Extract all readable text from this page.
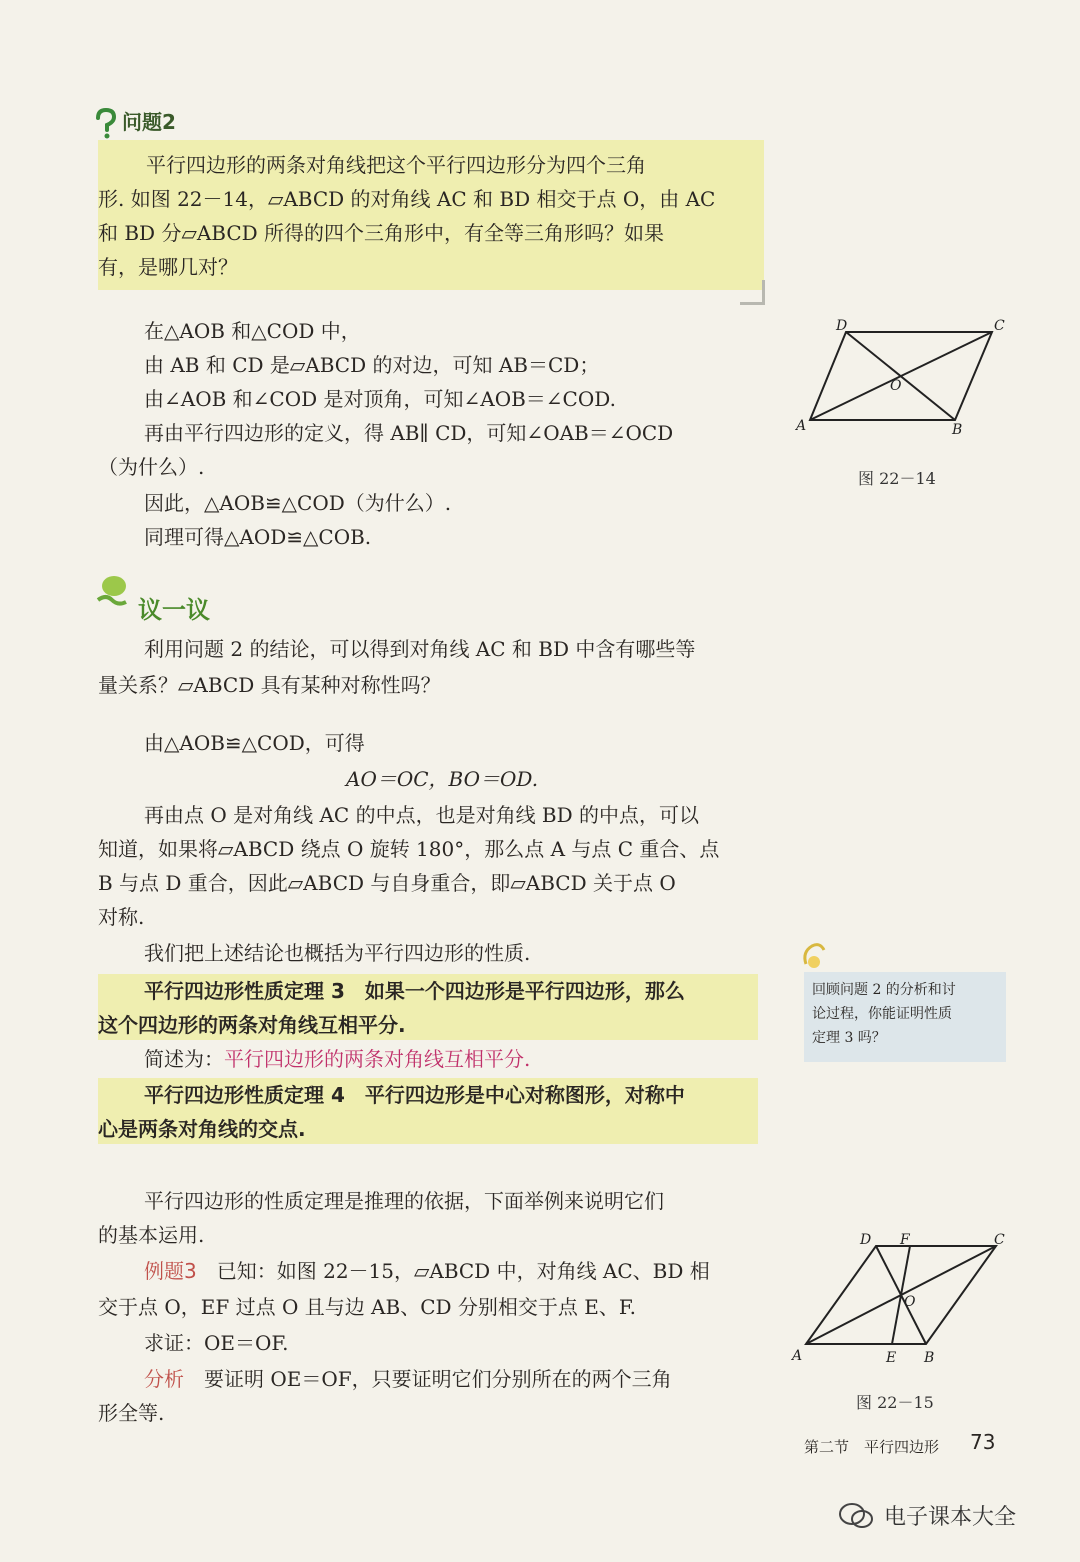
问题2
平行四边形的两条对角线把这个平行四边形分为四个三角
形. 如图 22－14，▱ABCD 的对角线 AC 和 BD 相交于点 O，由 AC
和 BD 分▱ABCD 所得的四个三角形中，有全等三角形吗？如果
有，是哪几对？
在△AOB 和△COD 中，
由 AB 和 CD 是▱ABCD 的对边，可知 AB＝CD；
由∠AOB 和∠COD 是对顶角，可知∠AOB＝∠COD.
再由平行四边形的定义，得 AB∥ CD，可知∠OAB＝∠OCD
（为什么）.
因此，△AOB≌△COD（为什么）.
同理可得△AOD≌△COB.
议一议
利用问题 2 的结论，可以得到对角线 AC 和 BD 中含有哪些等
量关系？▱ABCD 具有某种对称性吗？
由△AOB≌△COD，可得
AO＝OC，BO＝OD.
再由点 O 是对角线 AC 的中点，也是对角线 BD 的中点，可以
知道，如果将▱ABCD 绕点 O 旋转 180°，那么点 A 与点 C 重合、点
B 与点 D 重合，因此▱ABCD 与自身重合，即▱ABCD 关于点 O
对称.
我们把上述结论也概括为平行四边形的性质.
平行四边形性质定理 3　如果一个四边形是平行四边形，那么
这个四边形的两条对角线互相平分.
简述为：平行四边形的两条对角线互相平分.
平行四边形性质定理 4　平行四边形是中心对称图形，对称中
心是两条对角线的交点.
平行四边形的性质定理是推理的依据，下面举例来说明它们
的基本运用.
例题3　 已知：如图 22－15，▱ABCD 中，对角线 AC、BD 相
交于点 O，EF 过点 O 且与边 AB、CD 分别相交于点 E、F.
求证：OE＝OF.
分析　 要证明 OE＝OF，只要证明它们分别所在的两个三角
形全等.
A	B
C
D
O
图 22－14
回顾问题 2 的分析和讨
论过程，你能证明性质
定理 3 吗？
A	B
C
D
E
F
O
图 22－15
第二节　平行四边形 73
电子课本大全
